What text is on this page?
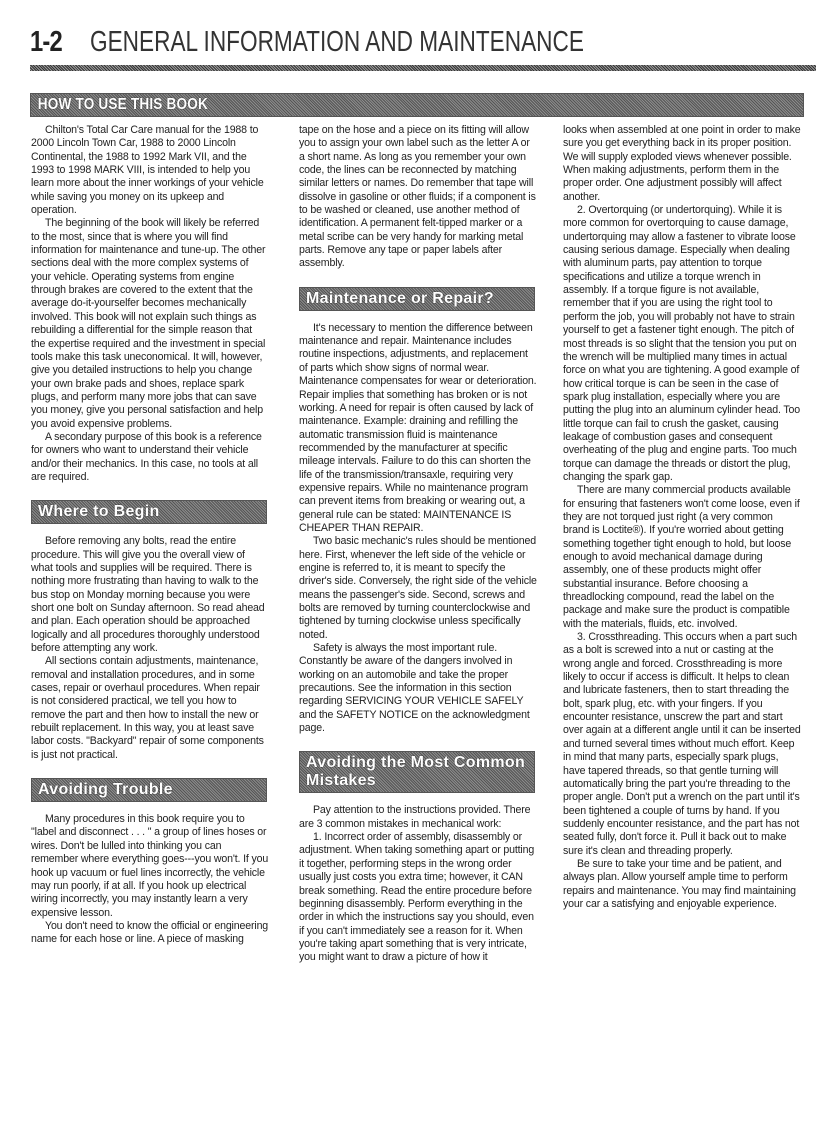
1-2 GENERAL INFORMATION AND MAINTENANCE
HOW TO USE THIS BOOK

Chilton's Total Car Care manual for the 1988 to 2000 Lincoln Town Car, 1988 to 2000 Lincoln Continental, the 1988 to 1992 Mark VII, and the 1993 to 1998 MARK VIII, is intended to help you learn more about the inner workings of your vehicle while saving you money on its upkeep and operation.

The beginning of the book will likely be referred to the most, since that is where you will find information for maintenance and tune-up. The other sections deal with the more complex systems of your vehicle. Operating systems from engine through brakes are covered to the extent that the average do-it-yourselfer becomes mechanically involved. This book will not explain such things as rebuilding a differential for the simple reason that the expertise required and the investment in special tools make this task uneconomical. It will, however, give you detailed instructions to help you change your own brake pads and shoes, replace spark plugs, and perform many more jobs that can save you money, give you personal satisfaction and help you avoid expensive problems.

A secondary purpose of this book is a reference for owners who want to understand their vehicle and/or their mechanics. In this case, no tools at all are required.

Where to Begin

Before removing any bolts, read the entire procedure. This will give you the overall view of what tools and supplies will be required. There is nothing more frustrating than having to walk to the bus stop on Monday morning because you were short one bolt on Sunday afternoon. So read ahead and plan. Each operation should be approached logically and all procedures thoroughly understood before attempting any work.

All sections contain adjustments, maintenance, removal and installation procedures, and in some cases, repair or overhaul procedures. When repair is not considered practical, we tell you how to remove the part and then how to install the new or rebuilt replacement. In this way, you at least save labor costs. "Backyard" repair of some components is just not practical.

Avoiding Trouble

Many procedures in this book require you to "label and disconnect . . . " a group of lines hoses or wires. Don't be lulled into thinking you can remember where everything goes---you won't. If you hook up vacuum or fuel lines incorrectly, the vehicle may run poorly, if at all. If you hook up electrical wiring incorrectly, you may instantly learn a very expensive lesson.

You don't need to know the official or engineering name for each hose or line. A piece of masking

tape on the hose and a piece on its fitting will allow you to assign your own label such as the letter A or a short name. As long as you remember your own code, the lines can be reconnected by matching similar letters or names. Do remember that tape will dissolve in gasoline or other fluids; if a component is to be washed or cleaned, use another method of identification. A permanent felt-tipped marker or a metal scribe can be very handy for marking metal parts. Remove any tape or paper labels after assembly.

Maintenance or Repair?

It's necessary to mention the difference between maintenance and repair. Maintenance includes routine inspections, adjustments, and replacement of parts which show signs of normal wear. Maintenance compensates for wear or deterioration. Repair implies that something has broken or is not working. A need for repair is often caused by lack of maintenance. Example: draining and refilling the automatic transmission fluid is maintenance recommended by the manufacturer at specific mileage intervals. Failure to do this can shorten the life of the transmission/transaxle, requiring very expensive repairs. While no maintenance program can prevent items from breaking or wearing out, a general rule can be stated: MAINTENANCE IS CHEAPER THAN REPAIR.

Two basic mechanic's rules should be mentioned here. First, whenever the left side of the vehicle or engine is referred to, it is meant to specify the driver's side. Conversely, the right side of the vehicle means the passenger's side. Second, screws and bolts are removed by turning counterclockwise and tightened by turning clockwise unless specifically noted.

Safety is always the most important rule. Constantly be aware of the dangers involved in working on an automobile and take the proper precautions. See the information in this section regarding SERVICING YOUR VEHICLE SAFELY and the SAFETY NOTICE on the acknowledgment page.

Avoiding the Most Common Mistakes

Pay attention to the instructions provided. There are 3 common mistakes in mechanical work:

1. Incorrect order of assembly, disassembly or adjustment. When taking something apart or putting it together, performing steps in the wrong order usually just costs you extra time; however, it CAN break something. Read the entire procedure before beginning disassembly. Perform everything in the order in which the instructions say you should, even if you can't immediately see a reason for it. When you're taking apart something that is very intricate, you might want to draw a picture of how it

looks when assembled at one point in order to make sure you get everything back in its proper position. We will supply exploded views whenever possible. When making adjustments, perform them in the proper order. One adjustment possibly will affect another.

2. Overtorquing (or undertorquing). While it is more common for overtorquing to cause damage, undertorquing may allow a fastener to vibrate loose causing serious damage. Especially when dealing with aluminum parts, pay attention to torque specifications and utilize a torque wrench in assembly. If a torque figure is not available, remember that if you are using the right tool to perform the job, you will probably not have to strain yourself to get a fastener tight enough. The pitch of most threads is so slight that the tension you put on the wrench will be multiplied many times in actual force on what you are tightening. A good example of how critical torque is can be seen in the case of spark plug installation, especially where you are putting the plug into an aluminum cylinder head. Too little torque can fail to crush the gasket, causing leakage of combustion gases and consequent overheating of the plug and engine parts. Too much torque can damage the threads or distort the plug, changing the spark gap.

There are many commercial products available for ensuring that fasteners won't come loose, even if they are not torqued just right (a very common brand is Loctite®). If you're worried about getting something together tight enough to hold, but loose enough to avoid mechanical damage during assembly, one of these products might offer substantial insurance. Before choosing a threadlocking compound, read the label on the package and make sure the product is compatible with the materials, fluids, etc. involved.

3. Crossthreading. This occurs when a part such as a bolt is screwed into a nut or casting at the wrong angle and forced. Crossthreading is more likely to occur if access is difficult. It helps to clean and lubricate fasteners, then to start threading the bolt, spark plug, etc. with your fingers. If you encounter resistance, unscrew the part and start over again at a different angle until it can be inserted and turned several times without much effort. Keep in mind that many parts, especially spark plugs, have tapered threads, so that gentle turning will automatically bring the part you're threading to the proper angle. Don't put a wrench on the part until it's been tightened a couple of turns by hand. If you suddenly encounter resistance, and the part has not seated fully, don't force it. Pull it back out to make sure it's clean and threading properly.

Be sure to take your time and be patient, and always plan. Allow yourself ample time to perform repairs and maintenance. You may find maintaining your car a satisfying and enjoyable experience.
